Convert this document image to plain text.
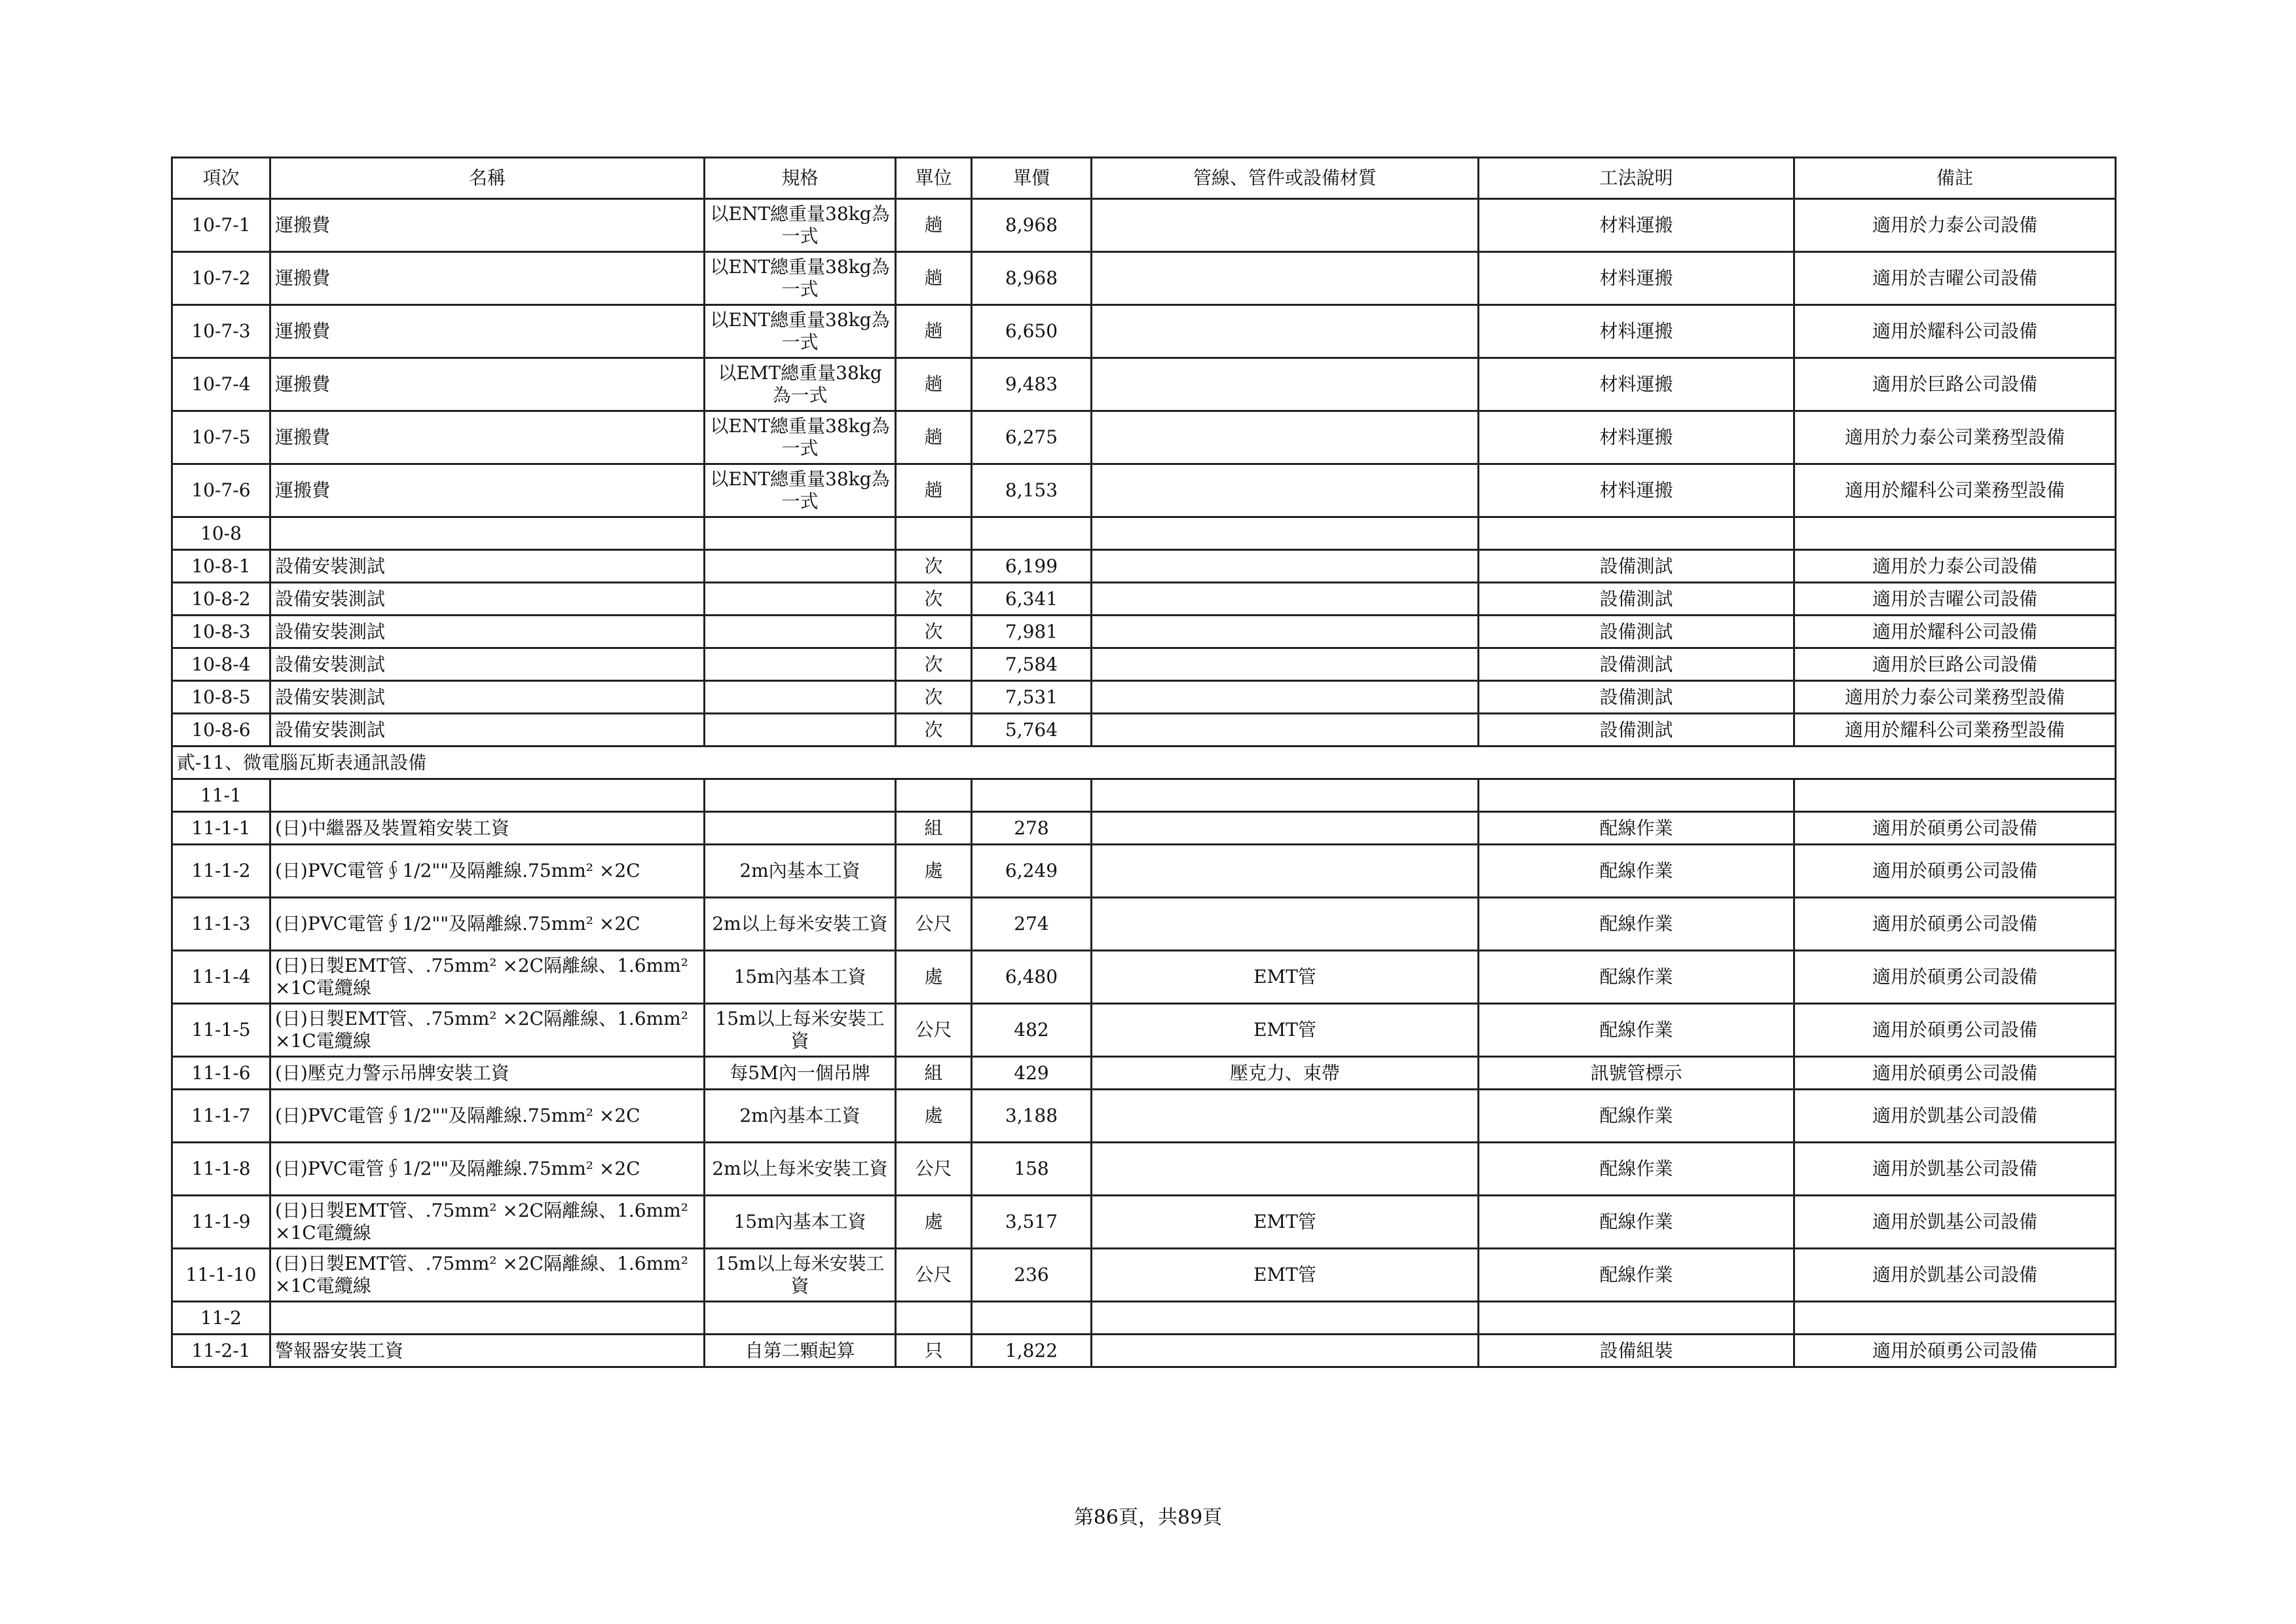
項次	名稱	規格	單位	單價	管線、管件或設備材質	工法說明	備註
10-7-1	運搬費	以ENT總重量38kg為一式	趟	8,968		材料運搬	適用於力泰公司設備
10-7-2	運搬費	以ENT總重量38kg為一式	趟	8,968		材料運搬	適用於吉曜公司設備
10-7-3	運搬費	以ENT總重量38kg為一式	趟	6,650		材料運搬	適用於耀科公司設備
10-7-4	運搬費	以EMT總重量38kg為一式	趟	9,483		材料運搬	適用於巨路公司設備
10-7-5	運搬費	以ENT總重量38kg為一式	趟	6,275		材料運搬	適用於力泰公司業務型設備
10-7-6	運搬費	以ENT總重量38kg為一式	趟	8,153		材料運搬	適用於耀科公司業務型設備
10-8							
10-8-1	設備安裝測試		次	6,199		設備測試	適用於力泰公司設備
10-8-2	設備安裝測試		次	6,341		設備測試	適用於吉曜公司設備
10-8-3	設備安裝測試		次	7,981		設備測試	適用於耀科公司設備
10-8-4	設備安裝測試		次	7,584		設備測試	適用於巨路公司設備
10-8-5	設備安裝測試		次	7,531		設備測試	適用於力泰公司業務型設備
10-8-6	設備安裝測試		次	5,764		設備測試	適用於耀科公司業務型設備
貳-11、微電腦瓦斯表通訊設備							
11-1							
11-1-1	(日)中繼器及裝置箱安裝工資		組	278		配線作業	適用於碩勇公司設備
11-1-2	(日)PVC電管∮1/2""及隔離線.75mm² ×2C	2m內基本工資	處	6,249		配線作業	適用於碩勇公司設備
11-1-3	(日)PVC電管∮1/2""及隔離線.75mm² ×2C	2m以上每米安裝工資	公尺	274		配線作業	適用於碩勇公司設備
11-1-4	(日)日製EMT管、.75mm² ×2C隔離線、1.6mm² ×1C電纜線	15m內基本工資	處	6,480	EMT管	配線作業	適用於碩勇公司設備
11-1-5	(日)日製EMT管、.75mm² ×2C隔離線、1.6mm² ×1C電纜線	15m以上每米安裝工資	公尺	482	EMT管	配線作業	適用於碩勇公司設備
11-1-6	(日)壓克力警示吊牌安裝工資	每5M內一個吊牌	組	429	壓克力、束帶	訊號管標示	適用於碩勇公司設備
11-1-7	(日)PVC電管∮1/2""及隔離線.75mm² ×2C	2m內基本工資	處	3,188		配線作業	適用於凱基公司設備
11-1-8	(日)PVC電管∮1/2""及隔離線.75mm² ×2C	2m以上每米安裝工資	公尺	158		配線作業	適用於凱基公司設備
11-1-9	(日)日製EMT管、.75mm² ×2C隔離線、1.6mm² ×1C電纜線	15m內基本工資	處	3,517	EMT管	配線作業	適用於凱基公司設備
11-1-10	(日)日製EMT管、.75mm² ×2C隔離線、1.6mm² ×1C電纜線	15m以上每米安裝工資	公尺	236	EMT管	配線作業	適用於凱基公司設備
11-2							
11-2-1	警報器安裝工資	自第二顆起算	只	1,822		設備組裝	適用於碩勇公司設備
第86頁，共89頁
